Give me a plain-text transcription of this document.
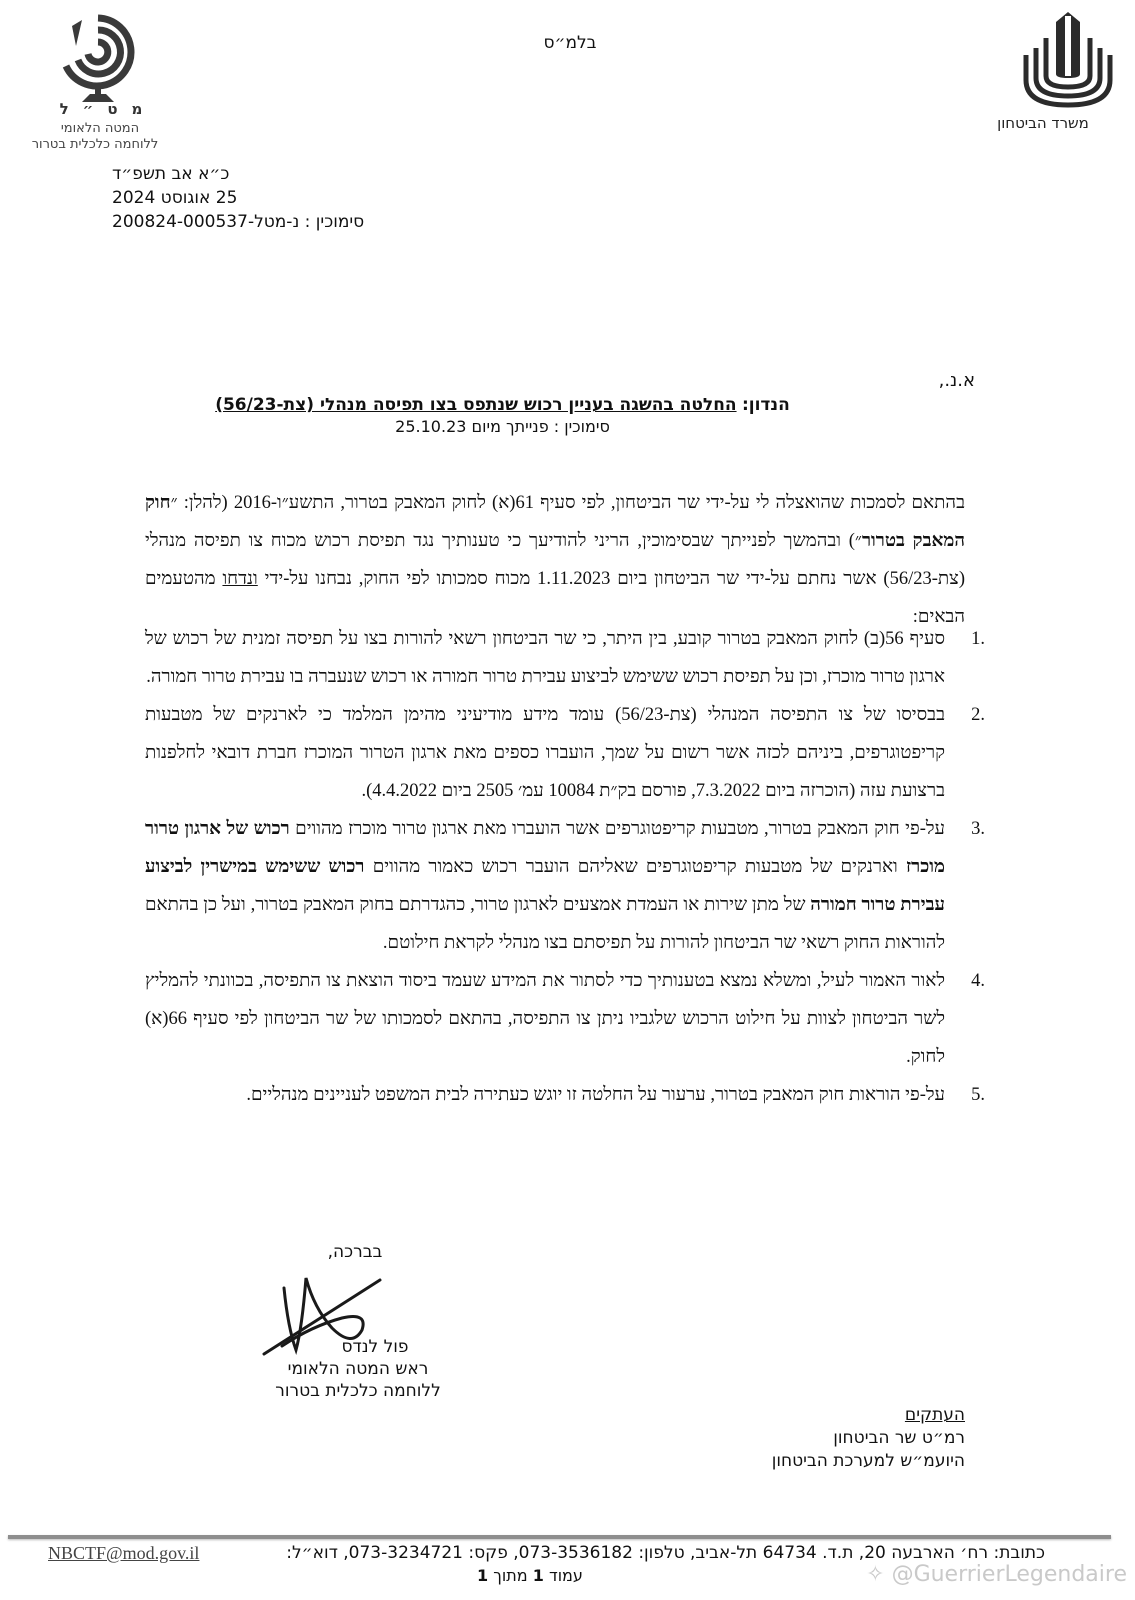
משרד הביטחון
מט״ל
המטה הלאומי
ללוחמה כלכלית בטרור
בלמ״ס
כ״א אב תשפ״ד
25 אוגוסט 2024
סימוכין : נ-מטל-200824-000537
א.נ.,
הנדון: החלטה בהשגה בעניין רכוש שנתפס בצו תפיסה מנהלי (צת-56/23)
סימוכין : פנייתך מיום 25.10.23
בהתאם לסמכות שהואצלה לי על-ידי שר הביטחון, לפי סעיף 61(א) לחוק המאבק בטרור, התשע״ו-2016 (להלן: ״חוק המאבק בטרור״) ובהמשך לפנייתך שבסימוכין, הריני להודיעך כי טענותיך נגד תפיסת רכוש מכוח צו תפיסה מנהלי (צת-56/23) אשר נחתם על-ידי שר הביטחון ביום 1.11.2023 מכוח סמכותו לפי החוק, נבחנו על-ידי ונדחו מהטעמים הבאים:
1.
סעיף 56(ב) לחוק המאבק בטרור קובע, בין היתר, כי שר הביטחון רשאי להורות בצו על תפיסה זמנית של רכוש של ארגון טרור מוכרז, וכן על תפיסת רכוש ששימש לביצוע עבירת טרור חמורה או רכוש שנעברה בו עבירת טרור חמורה.
2.
בבסיסו של צו התפיסה המנהלי (צת-56/23) עומד מידע מודיעיני מהימן המלמד כי לארנקים של מטבעות קריפטוגרפים, ביניהם לכזה אשר רשום על שמך, הועברו כספים מאת ארגון הטרור המוכרז חברת דובאי לחלפנות ברצועת עזה (הוכרזה ביום 7.3.2022, פורסם בק״ת 10084 עמ׳ 2505 ביום 4.4.2022).
3.
על-פי חוק המאבק בטרור, מטבעות קריפטוגרפים אשר הועברו מאת ארגון טרור מוכרז מהווים רכוש של ארגון טרור מוכרז וארנקים של מטבעות קריפטוגרפים שאליהם הועבר רכוש כאמור מהווים רכוש ששימש במישרין לביצוע עבירת טרור חמורה של מתן שירות או העמדת אמצעים לארגון טרור, כהגדרתם בחוק המאבק בטרור, ועל כן בהתאם להוראות החוק רשאי שר הביטחון להורות על תפיסתם בצו מנהלי לקראת חילוטם.
4.
לאור האמור לעיל, ומשלא נמצא בטענותיך כדי לסתור את המידע שעמד ביסוד הוצאת צו התפיסה, בכוונתי להמליץ לשר הביטחון לצוות על חילוט הרכוש שלגביו ניתן צו התפיסה, בהתאם לסמכותו של שר הביטחון לפי סעיף 66(א) לחוק.
5.
על-פי הוראות חוק המאבק בטרור, ערעור על החלטה זו יוגש כעתירה לבית המשפט לעניינים מנהליים.
בברכה,
פול לנדס
ראש המטה הלאומי
ללוחמה כלכלית בטרור
העתקים
רמ״ט שר הביטחון
היועמ״ש למערכת הביטחון
כתובת: רח׳ הארבעה 20, ת.ד. 64734 תל-אביב, טלפון: 073-3536182, פקס: 073-3234721, דוא״ל:
NBCTF@mod.gov.il
עמוד 1 מתוך 1	✧ @GuerrierLegendaire
